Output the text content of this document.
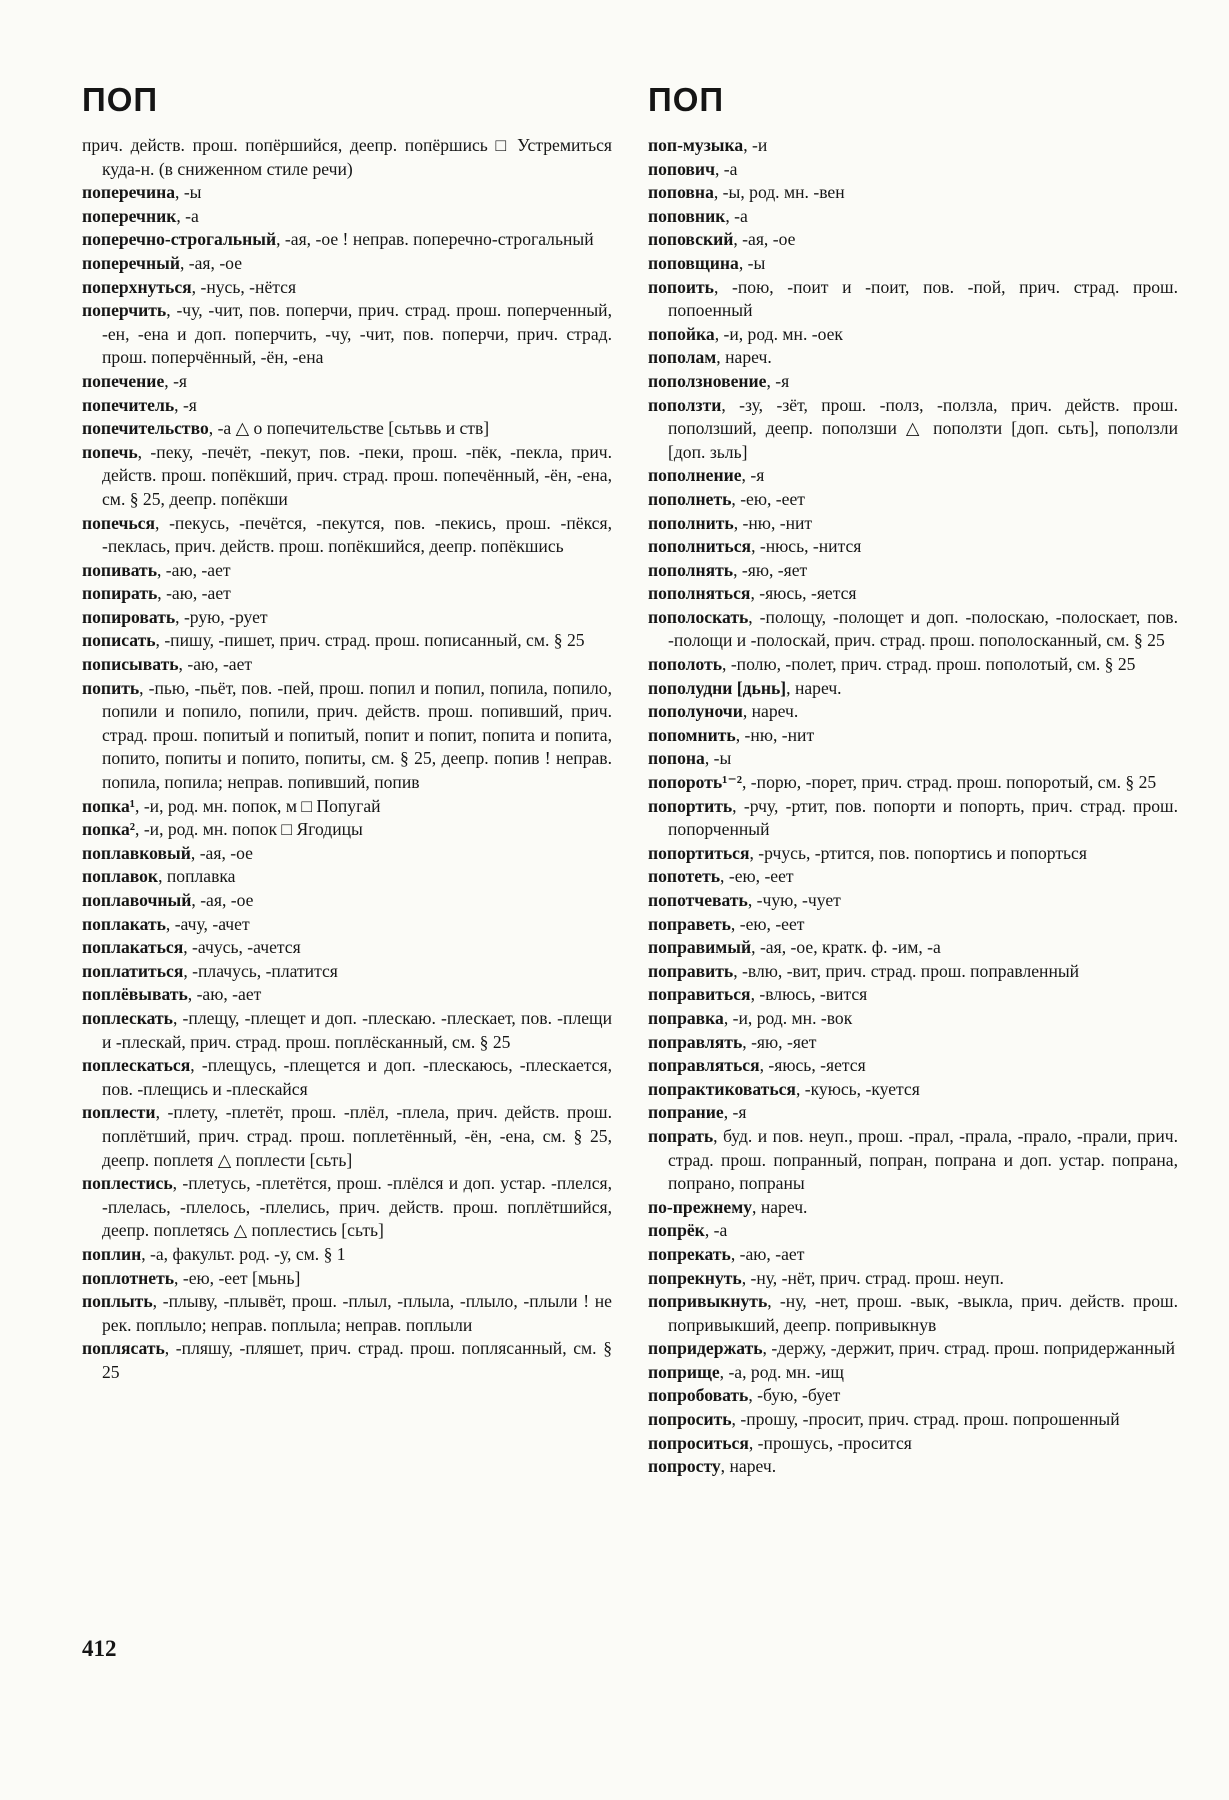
ПОП
прич. действ. прош. попёршийся, деепр. попёршись □ Устремиться куда-н. (в сниженном стиле речи)
поперечина, -ы
поперечник, -а
поперечно-строгальный, -ая, -ое ! неправ. поперечно-строгальный
поперечный, -ая, -ое
поперхнуться, -нусь, -нётся
поперчить, -чу, -чит, пов. поперчи, прич. страд. прош. поперченный, -ен, -ена и доп. поперчить, -чу, -чит, пов. поперчи, прич. страд. прош. поперчённый, -ён, -ена
попечение, -я
попечитель, -я
попечительство, -а △ о попечительстве [сьтьвь и ств]
попечь, -пеку, -печёт, -пекут, пов. -пеки, прош. -пёк, -пекла, прич. действ. прош. попёкший, прич. страд. прош. попечённый, -ён, -ена, см. § 25, деепр. попёкши
попечься, -пекусь, -печётся, -пекутся, пов. -пекись, прош. -пёкся, -пеклась, прич. действ. прош. попёкшийся, деепр. попёкшись
попивать, -аю, -ает
попирать, -аю, -ает
попировать, -рую, -рует
пописать, -пишу, -пишет, прич. страд. прош. пописанный, см. § 25
пописывать, -аю, -ает
попить, -пью, -пьёт, пов. -пей, прош. попил и попил, попила, попило, попили и попило, попили, прич. действ. прош. попивший, прич. страд. прош. попитый и попитый, попит и попит, попита и попита, попито, попиты и попито, попиты, см. § 25, деепр. попив ! неправ. попила, попила; неправ. попивший, попив
попка¹, -и, род. мн. попок, м □ Попугай
попка², -и, род. мн. попок □ Ягодицы
поплавковый, -ая, -ое
поплавок, поплавка
поплавочный, -ая, -ое
поплакать, -ачу, -ачет
поплакаться, -ачусь, -ачется
поплатиться, -плачусь, -платится
поплёвывать, -аю, -ает
поплескать, -плещу, -плещет и доп. -плескаю. -плескает, пов. -плещи и -плескай, прич. страд. прош. поплёсканный, см. § 25
поплескаться, -плещусь, -плещется и доп. -плескаюсь, -плескается, пов. -плещись и -плескайся
поплести, -плету, -плетёт, прош. -плёл, -плела, прич. действ. прош. поплётший, прич. страд. прош. поплетённый, -ён, -ена, см. § 25, деепр. поплетя △ поплести [сьть]
поплестись, -плетусь, -плетётся, прош. -плёлся и доп. устар. -плелся, -плелась, -плелось, -плелись, прич. действ. прош. поплётшийся, деепр. поплетясь △ поплестись [сьть]
поплин, -а, факульт. род. -у, см. § 1
поплотнеть, -ею, -еет [мьнь]
поплыть, -плыву, -плывёт, прош. -плыл, -плыла, -плыло, -плыли ! не рек. поплыло; неправ. поплыла; неправ. поплыли
поплясать, -пляшу, -пляшет, прич. страд. прош. поплясанный, см. § 25
ПОП
поп-музыка, -и
попович, -а
поповна, -ы, род. мн. -вен
поповник, -а
поповский, -ая, -ое
поповщина, -ы
попоить, -пою, -поит и -поит, пов. -пой, прич. страд. прош. попоенный
попойка, -и, род. мн. -оек
пополам, нареч.
поползновение, -я
поползти, -зу, -зёт, прош. -полз, -ползла, прич. действ. прош. поползший, деепр. поползши △ поползти [доп. сьть], поползли [доп. зьль]
пополнение, -я
пополнеть, -ею, -еет
пополнить, -ню, -нит
пополниться, -нюсь, -нится
пополнять, -яю, -яет
пополняться, -яюсь, -яется
пополоскать, -полощу, -полощет и доп. -полоскаю, -полоскает, пов. -полощи и -полоскай, прич. страд. прош. пополосканный, см. § 25
пополоть, -полю, -полет, прич. страд. прош. пополотый, см. § 25
пополудни [дьнь], нареч.
пополуночи, нареч.
попомнить, -ню, -нит
попона, -ы
попороть¹⁻², -порю, -порет, прич. страд. прош. попоротый, см. § 25
попортить, -рчу, -ртит, пов. попорти и попорть, прич. страд. прош. попорченный
попортиться, -рчусь, -ртится, пов. попортись и попорться
попотеть, -ею, -еет
попотчевать, -чую, -чует
поправеть, -ею, -еет
поправимый, -ая, -ое, кратк. ф. -им, -а
поправить, -влю, -вит, прич. страд. прош. поправленный
поправиться, -влюсь, -вится
поправка, -и, род. мн. -вок
поправлять, -яю, -яет
поправляться, -яюсь, -яется
попрактиковаться, -куюсь, -куется
попрание, -я
попрать, буд. и пов. неуп., прош. -прал, -прала, -прало, -прали, прич. страд. прош. попранный, попран, попрана и доп. устар. попрана, попрано, попраны
по-прежнему, нареч.
попрёк, -а
попрекать, -аю, -ает
попрекнуть, -ну, -нёт, прич. страд. прош. неуп.
попривыкнуть, -ну, -нет, прош. -вык, -выкла, прич. действ. прош. попривыкший, деепр. попривыкнув
попридержать, -держу, -держит, прич. страд. прош. попридержанный
поприще, -а, род. мн. -ищ
попробовать, -бую, -бует
попросить, -прошу, -просит, прич. страд. прош. попрошенный
попроситься, -прошусь, -просится
попросту, нареч.
412
